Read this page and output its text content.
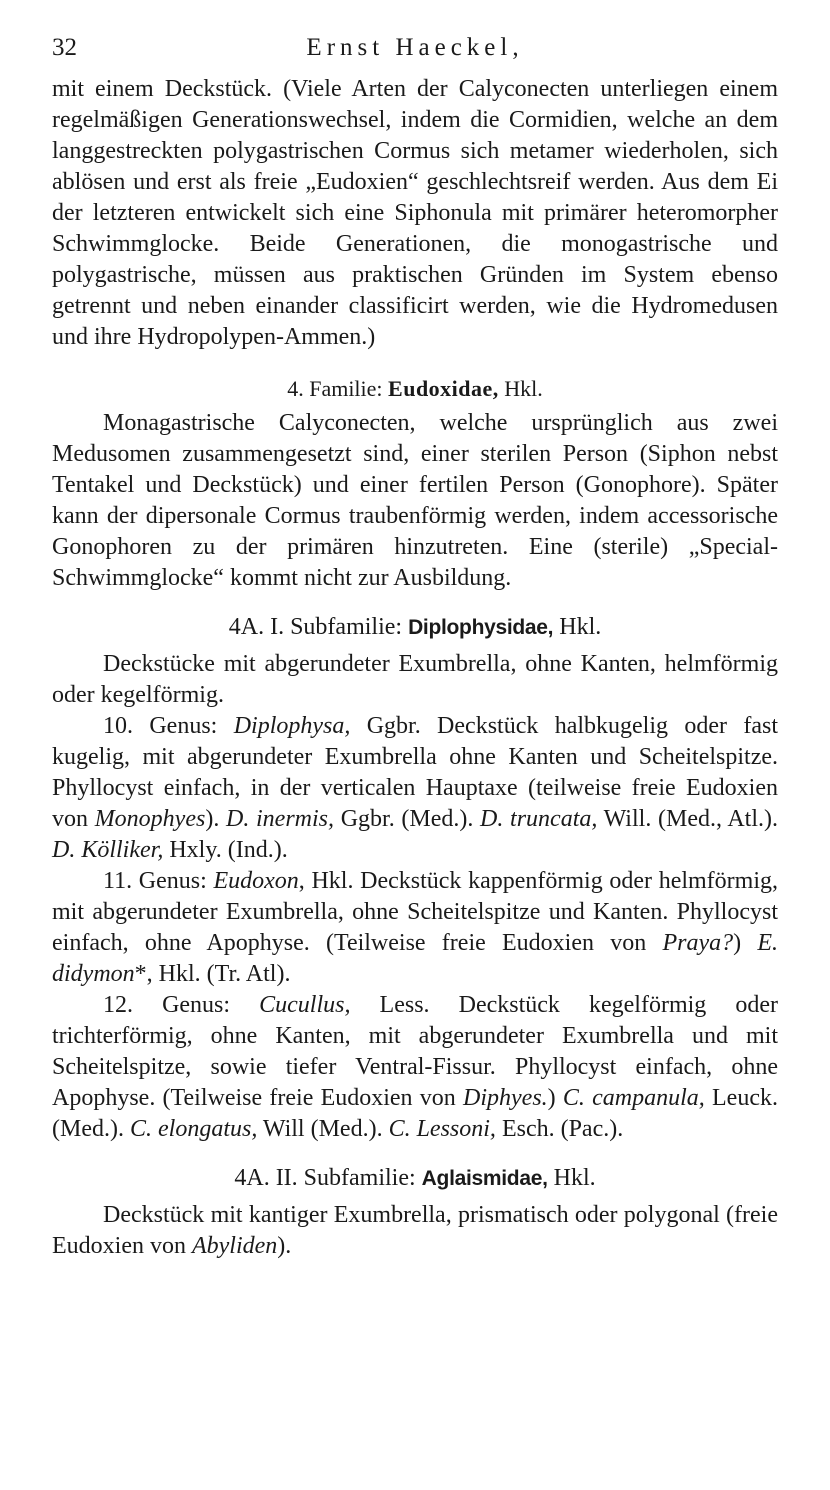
32	Ernst Haeckel,

mit einem Deckstück. (Viele Arten der Calyconecten unterliegen einem regelmäßigen Generationswechsel, indem die Cormidien, welche an dem langgestreckten polygastrischen Cormus sich metamer wiederholen, sich ablösen und erst als freie „Eudoxien“ geschlechtsreif werden. Aus dem Ei der letzteren entwickelt sich eine Siphonula mit primärer heteromorpher Schwimmglocke. Beide Generationen, die monogastrische und polygastrische, müssen aus praktischen Gründen im System ebenso getrennt und neben einander classificirt werden, wie die Hydromedusen und ihre Hydropolypen-Ammen.)

4. Familie: Eudoxidae, Hkl.

Monagastrische Calyconecten, welche ursprünglich aus zwei Medusomen zusammengesetzt sind, einer sterilen Person (Siphon nebst Tentakel und Deckstück) und einer fertilen Person (Gonophore). Später kann der dipersonale Cormus traubenförmig werden, indem accessorische Gonophoren zu der primären hinzutreten. Eine (sterile) „Special-Schwimmglocke“ kommt nicht zur Ausbildung.

4A. I. Subfamilie: Diplophysidae, Hkl.

Deckstücke mit abgerundeter Exumbrella, ohne Kanten, helmförmig oder kegelförmig.

10. Genus: Diplophysa, Ggbr. Deckstück halbkugelig oder fast kugelig, mit abgerundeter Exumbrella ohne Kanten und Scheitelspitze. Phyllocyst einfach, in der verticalen Hauptaxe (teilweise freie Eudoxien von Monophyes). D. inermis, Ggbr. (Med.). D. truncata, Will. (Med., Atl.). D. Kölliker, Hxly. (Ind.).

11. Genus: Eudoxon, Hkl. Deckstück kappenförmig oder helmförmig, mit abgerundeter Exumbrella, ohne Scheitelspitze und Kanten. Phyllocyst einfach, ohne Apophyse. (Teilweise freie Eudoxien von Praya?) E. didymon*, Hkl. (Tr. Atl).

12. Genus: Cucullus, Less. Deckstück kegelförmig oder trichterförmig, ohne Kanten, mit abgerundeter Exumbrella und mit Scheitelspitze, sowie tiefer Ventral-Fissur. Phyllocyst einfach, ohne Apophyse. (Teilweise freie Eudoxien von Diphyes.) C. campanula, Leuck. (Med.). C. elongatus, Will (Med.). C. Lessoni, Esch. (Pac.).

4A. II. Subfamilie: Aglaismidae, Hkl.

Deckstück mit kantiger Exumbrella, prismatisch oder polygonal (freie Eudoxien von Abyliden).
